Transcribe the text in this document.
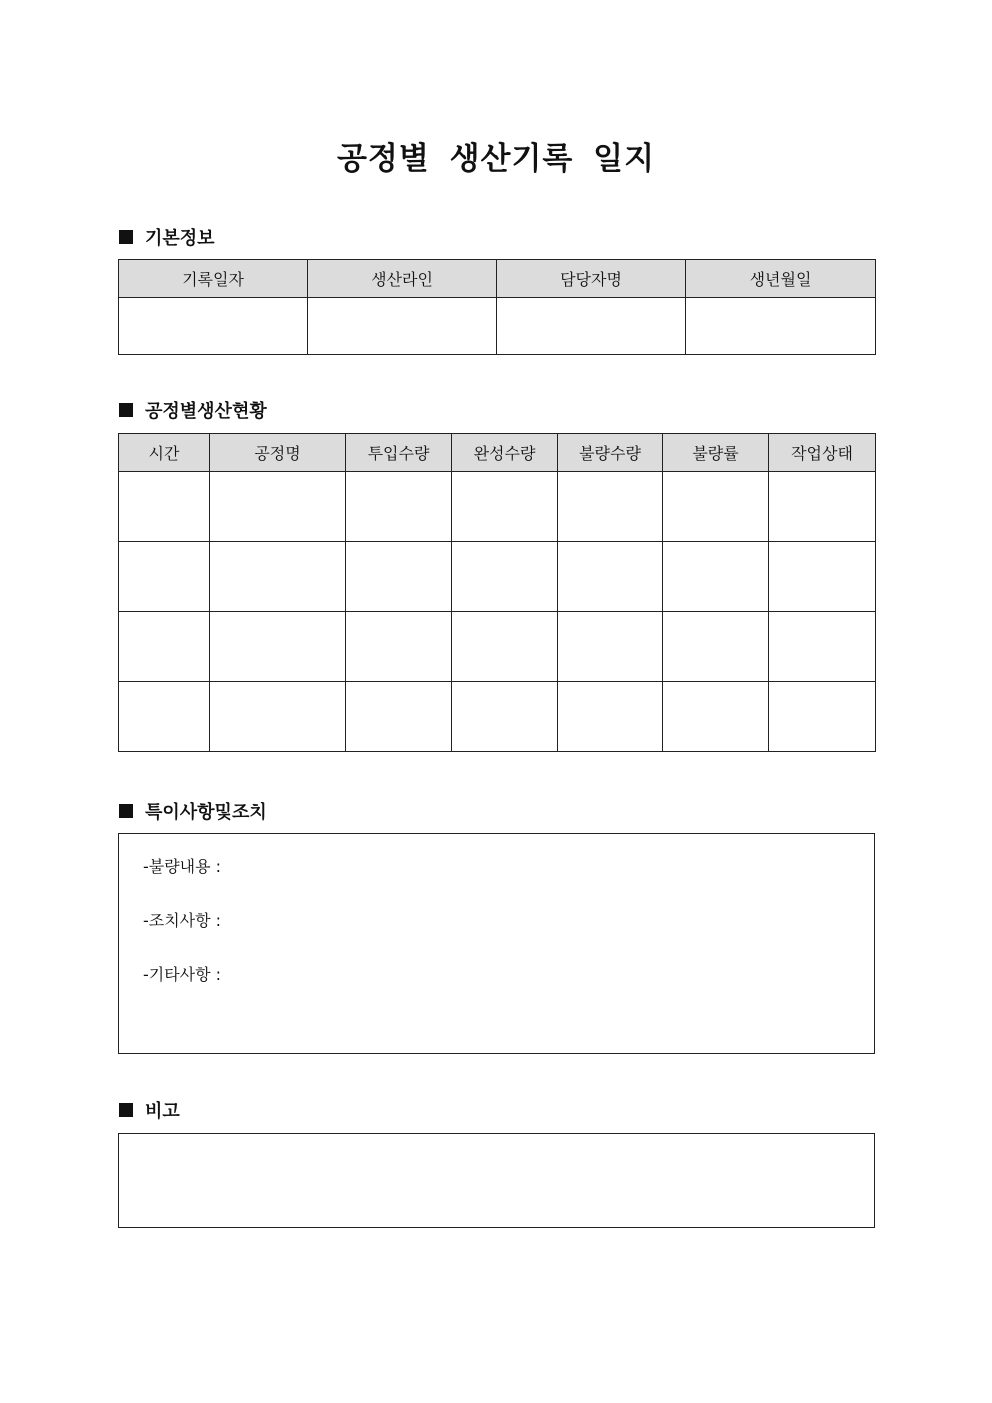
공정별 생산기록 일지
기본정보
기록일자	생산라인	담당자명	생년월일

공정별생산현황
시간	공정명	투입수량	완성수량	불량수량	불량률	작업상태

특이사항및조치
-불량내용 :
-조치사항 :
-기타사항 :
비고
